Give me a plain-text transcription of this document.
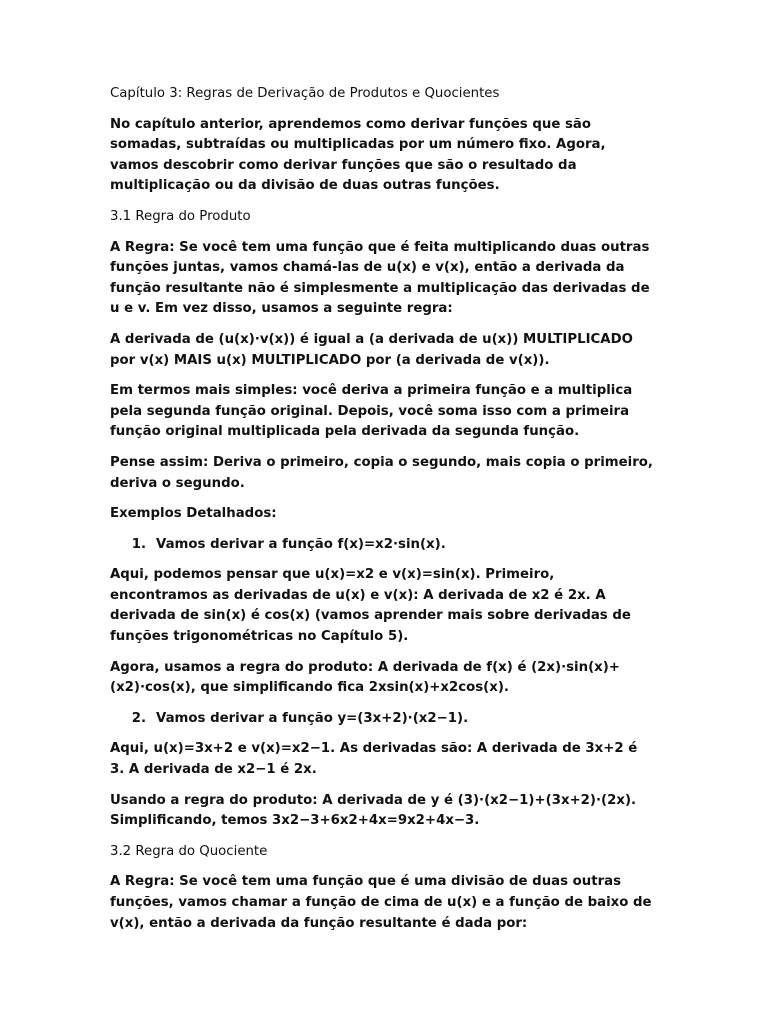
Capítulo 3: Regras de Derivação de Produtos e Quocientes

No capítulo anterior, aprendemos como derivar funções que são somadas, subtraídas ou multiplicadas por um número fixo. Agora, vamos descobrir como derivar funções que são o resultado da multiplicação ou da divisão de duas outras funções.

3.1 Regra do Produto

A Regra: Se você tem uma função que é feita multiplicando duas outras funções juntas, vamos chamá-las de u(x) e v(x), então a derivada da função resultante não é simplesmente a multiplicação das derivadas de u e v. Em vez disso, usamos a seguinte regra:

A derivada de (u(x)·v(x)) é igual a (a derivada de u(x)) MULTIPLICADO por v(x) MAIS u(x) MULTIPLICADO por (a derivada de v(x)).

Em termos mais simples: você deriva a primeira função e a multiplica pela segunda função original. Depois, você soma isso com a primeira função original multiplicada pela derivada da segunda função.

Pense assim: Deriva o primeiro, copia o segundo, mais copia o primeiro, deriva o segundo.

Exemplos Detalhados:

1. Vamos derivar a função f(x)=x2·sin(x).

Aqui, podemos pensar que u(x)=x2 e v(x)=sin(x). Primeiro, encontramos as derivadas de u(x) e v(x): A derivada de x2 é 2x. A derivada de sin(x) é cos(x) (vamos aprender mais sobre derivadas de funções trigonométricas no Capítulo 5).

Agora, usamos a regra do produto: A derivada de f(x) é (2x)·sin(x)+(x2)·cos(x), que simplificando fica 2xsin(x)+x2cos(x).

2. Vamos derivar a função y=(3x+2)·(x2−1).

Aqui, u(x)=3x+2 e v(x)=x2−1. As derivadas são: A derivada de 3x+2 é 3. A derivada de x2−1 é 2x.

Usando a regra do produto: A derivada de y é (3)·(x2−1)+(3x+2)·(2x). Simplificando, temos 3x2−3+6x2+4x=9x2+4x−3.

3.2 Regra do Quociente

A Regra: Se você tem uma função que é uma divisão de duas outras funções, vamos chamar a função de cima de u(x) e a função de baixo de v(x), então a derivada da função resultante é dada por:
